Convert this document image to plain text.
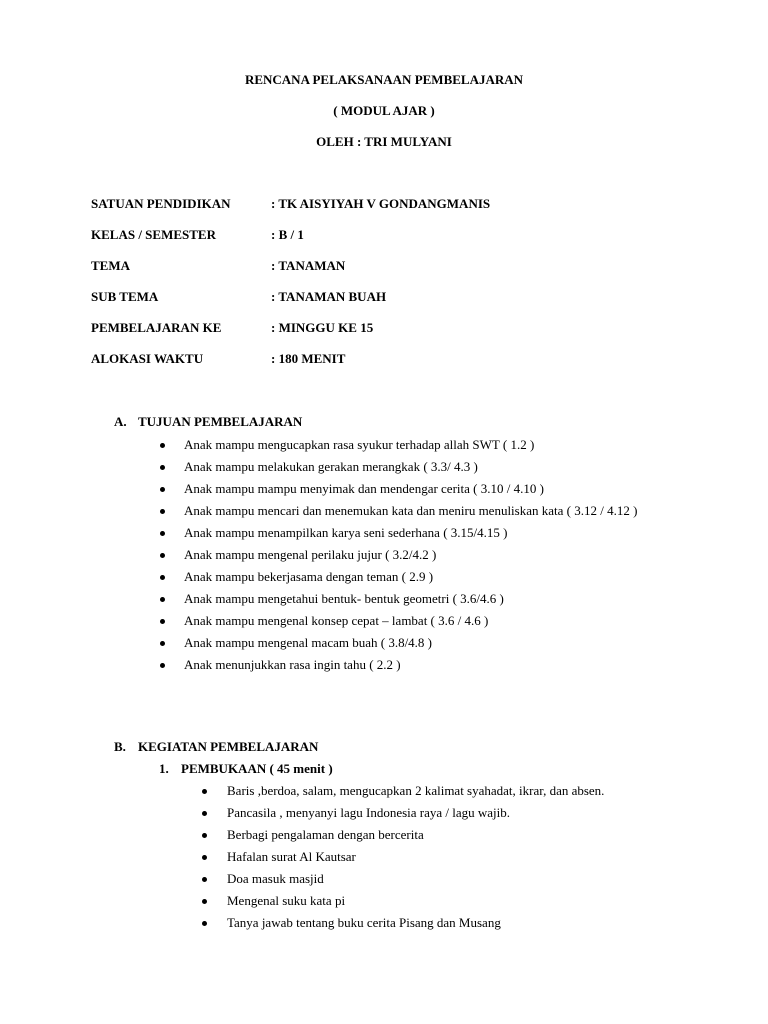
RENCANA PELAKSANAAN PEMBELAJARAN
( MODUL AJAR )
OLEH : TRI MULYANI
SATUAN PENDIDIKAN	: TK AISYIYAH V GONDANGMANIS
KELAS / SEMESTER	: B / 1
TEMA	: TANAMAN
SUB TEMA	: TANAMAN BUAH
PEMBELAJARAN KE	: MINGGU KE 15
ALOKASI WAKTU	: 180 MENIT
A. TUJUAN PEMBELAJARAN
Anak mampu mengucapkan rasa syukur terhadap allah SWT ( 1.2 )
Anak mampu melakukan gerakan merangkak ( 3.3/ 4.3 )
Anak mampu mampu menyimak dan mendengar cerita ( 3.10 / 4.10 )
Anak mampu mencari dan menemukan kata dan meniru menuliskan kata ( 3.12 / 4.12 )
Anak mampu menampilkan karya seni sederhana ( 3.15/4.15 )
Anak mampu mengenal perilaku jujur ( 3.2/4.2 )
Anak mampu bekerjasama dengan teman ( 2.9 )
Anak mampu mengetahui bentuk- bentuk geometri ( 3.6/4.6 )
Anak mampu mengenal konsep cepat – lambat ( 3.6 / 4.6 )
Anak mampu mengenal macam buah ( 3.8/4.8 )
Anak menunjukkan rasa ingin tahu ( 2.2 )
B. KEGIATAN PEMBELAJARAN
1. PEMBUKAAN ( 45 menit )
Baris ,berdoa, salam, mengucapkan 2 kalimat syahadat, ikrar, dan absen.
Pancasila , menyanyi lagu Indonesia raya / lagu wajib.
Berbagi pengalaman dengan bercerita
Hafalan surat Al Kautsar
Doa masuk masjid
Mengenal suku kata pi
Tanya jawab tentang buku cerita Pisang dan Musang
